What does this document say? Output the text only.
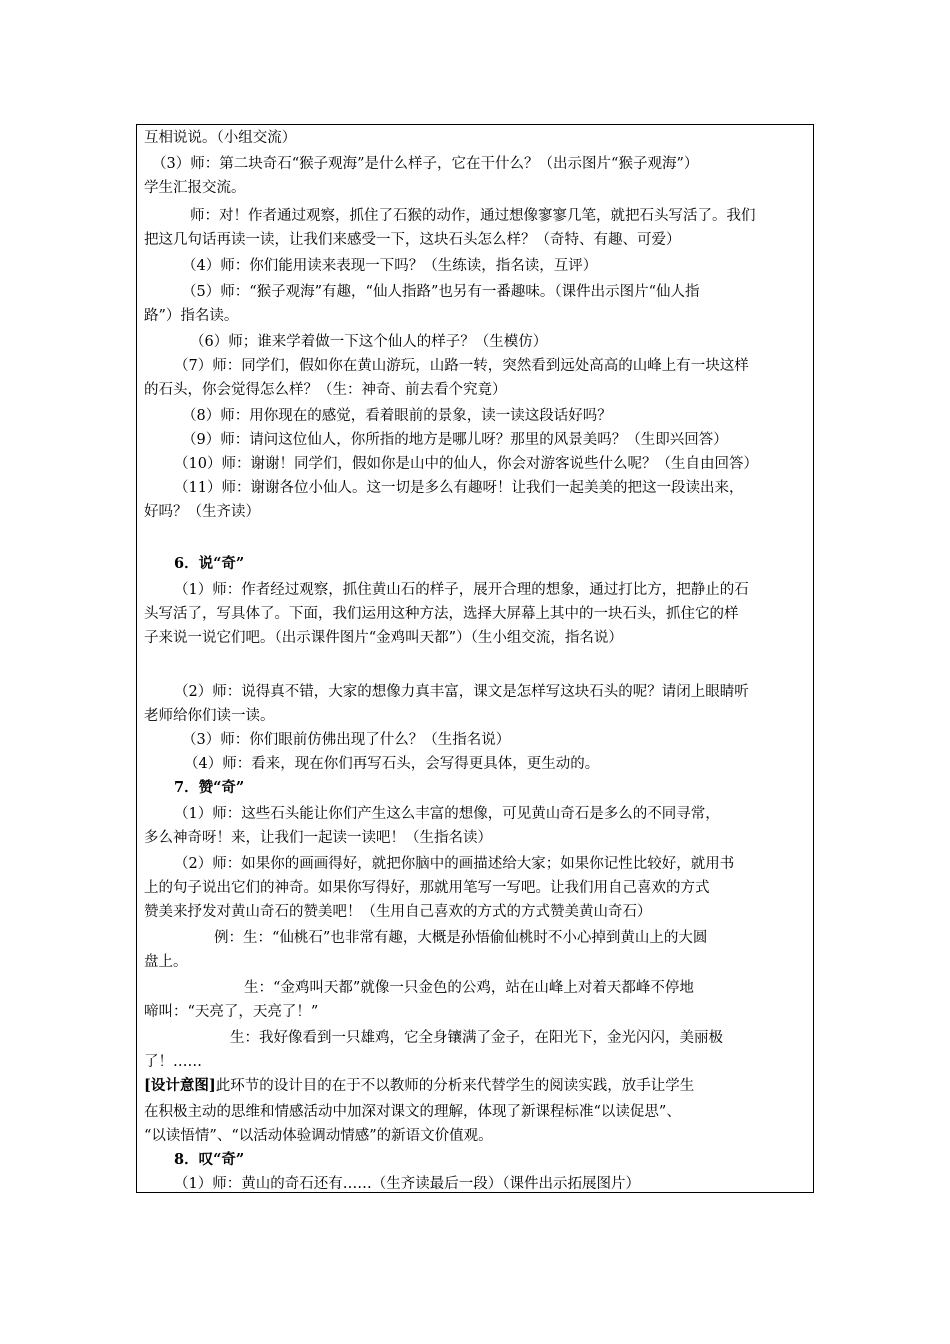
互相说说。（小组交流）
（3）师：第二块奇石“猴子观海”是什么样子，它在干什么？（出示图片“猴子观海”）
学生汇报交流。
师：对！作者通过观察，抓住了石猴的动作，通过想像寥寥几笔，就把石头写活了。我们
把这几句话再读一读，让我们来感受一下，这块石头怎么样？（奇特、有趣、可爱）
（4）师：你们能用读来表现一下吗？（生练读，指名读，互评）
（5）师：“猴子观海”有趣，“仙人指路”也另有一番趣味。（课件出示图片“仙人指
路”）指名读。
（6）师；谁来学着做一下这个仙人的样子？（生模仿）
（7）师：同学们，假如你在黄山游玩，山路一转，突然看到远处高高的山峰上有一块这样
的石头，你会觉得怎么样？（生：神奇、前去看个究竟）
（8）师：用你现在的感觉，看着眼前的景象，读一读这段话好吗？
（9）师：请问这位仙人，你所指的地方是哪儿呀？那里的风景美吗？（生即兴回答）
（10）师：谢谢！同学们，假如你是山中的仙人，你会对游客说些什么呢？（生自由回答）
（11）师：谢谢各位小仙人。这一切是多么有趣呀！让我们一起美美的把这一段读出来，
好吗？（生齐读）
6．说“奇”
（1）师：作者经过观察，抓住黄山石的样子，展开合理的想象，通过打比方，把静止的石
头写活了，写具体了。下面，我们运用这种方法，选择大屏幕上其中的一块石头，抓住它的样
子来说一说它们吧。（出示课件图片“金鸡叫天都”）（生小组交流，指名说）
（2）师：说得真不错，大家的想像力真丰富，课文是怎样写这块石头的呢？请闭上眼睛听
老师给你们读一读。
（3）师：你们眼前仿佛出现了什么？（生指名说）
（4）师：看来，现在你们再写石头，会写得更具体，更生动的。
7．赞“奇”
（1）师：这些石头能让你们产生这么丰富的想像，可见黄山奇石是多么的不同寻常，
多么神奇呀！来，让我们一起读一读吧！（生指名读）
（2）师：如果你的画画得好，就把你脑中的画描述给大家；如果你记性比较好，就用书
上的句子说出它们的神奇。如果你写得好，那就用笔写一写吧。让我们用自己喜欢的方式
赞美来抒发对黄山奇石的赞美吧！（生用自己喜欢的方式的方式赞美黄山奇石）
例：生：“仙桃石”也非常有趣，大概是孙悟偷仙桃时不小心掉到黄山上的大圆
盘上。
生：“金鸡叫天都”就像一只金色的公鸡，站在山峰上对着天都峰不停地
啼叫：“天亮了，天亮了！”
生：我好像看到一只雄鸡，它全身镶满了金子，在阳光下，金光闪闪，美丽极
了！……
[设计意图]此环节的设计目的在于不以教师的分析来代替学生的阅读实践，放手让学生
在积极主动的思维和情感活动中加深对课文的理解，体现了新课程标准“以读促思”、
“以读悟情”、“以活动体验调动情感”的新语文价值观。
8．叹“奇”
（1）师：黄山的奇石还有……（生齐读最后一段）（课件出示拓展图片）
